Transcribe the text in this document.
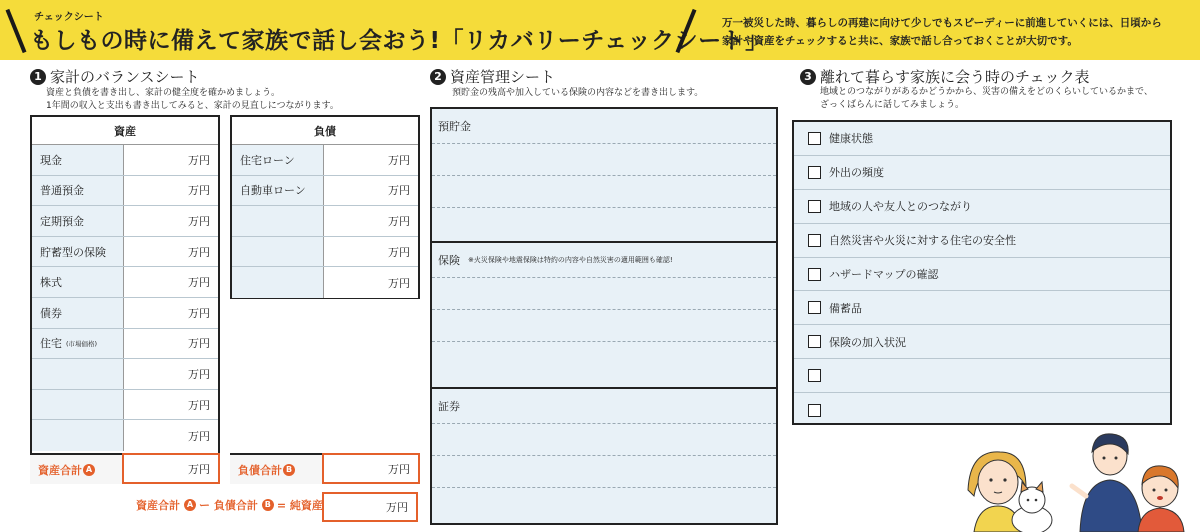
チェックシート
もしもの時に備えて家族で話し会おう!「リカバリーチェックシート」
万一被災した時、暮らしの再建に向けて少しでもスピーディーに前進していくには、日頃から
家計や資産をチェックすると共に、家族で話し合っておくことが大切です。
1 家計のバランスシート
資産と負債を書き出し、家計の健全度を確かめましょう。
1年間の収入と支出も書き出してみると、家計の見直しにつながります。
資産
現金	万円
普通預金	万円
定期預金	万円
貯蓄型の保険	万円
株式	万円
債券	万円
住宅 (市場価格)	万円
万円
万円
万円
資産合計 A	万円
負債
住宅ローン	万円
自動車ローン	万円
万円
万円
万円
負債合計 B	万円
資産合計 A ー 負債合計 B = 純資産	万円
2 資産管理シート
預貯金の残高や加入している保険の内容などを書き出します。
預貯金
保険 ※火災保険や地震保険は特約の内容や自然災害の適用範囲も確認!
証券
3 離れて暮らす家族に会う時のチェック表
地域とのつながりがあるかどうかから、災害の備えをどのくらいしているかまで、
ざっくばらんに話してみましょう。
健康状態
外出の頻度
地域の人や友人とのつながり
自然災害や火災に対する住宅の安全性
ハザードマップの確認
備蓄品
保険の加入状況
